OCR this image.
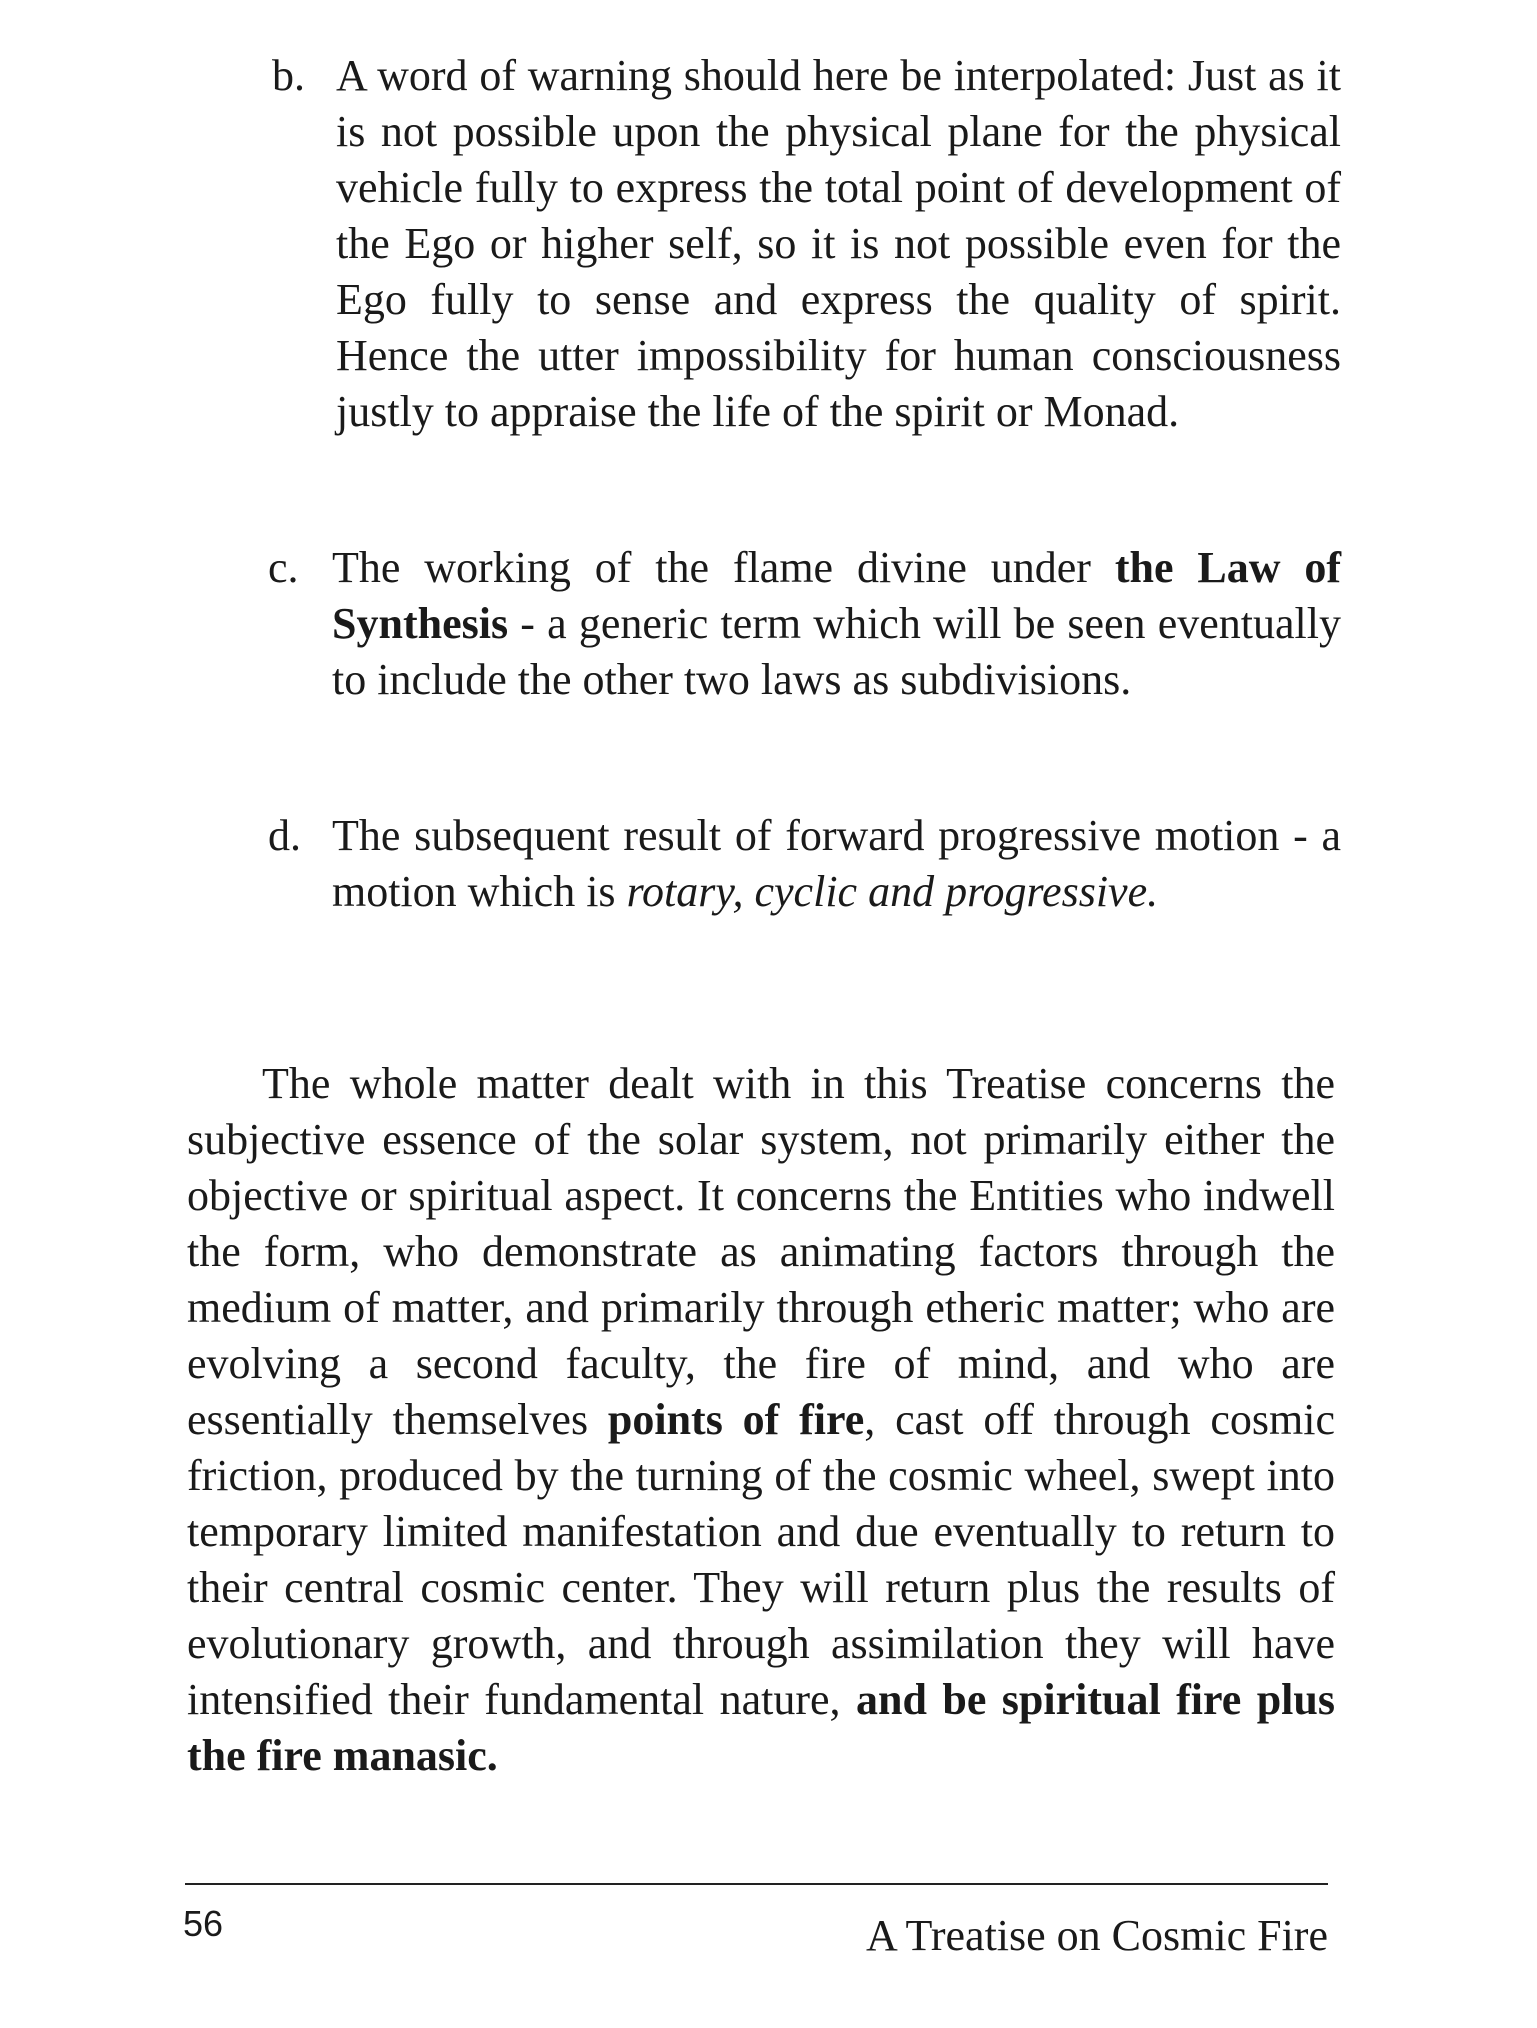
b. A word of warning should here be interpolated: Just as it is not possible upon the physical plane for the physical vehicle fully to express the total point of development of the Ego or higher self, so it is not possible even for the Ego fully to sense and express the quality of spirit. Hence the utter impossibility for human consciousness justly to appraise the life of the spirit or Monad.
c. The working of the flame divine under the Law of Synthesis - a generic term which will be seen eventually to include the other two laws as subdivisions.
d. The subsequent result of forward progressive motion - a motion which is rotary, cyclic and progressive.

The whole matter dealt with in this Treatise concerns the subjective essence of the solar system, not primarily either the objective or spiritual aspect. It concerns the Entities who indwell the form, who demonstrate as animating factors through the medium of matter, and primarily through etheric matter; who are evolving a second faculty, the fire of mind, and who are essentially themselves points of fire, cast off through cosmic friction, produced by the turning of the cosmic wheel, swept into temporary limited manifestation and due eventually to return to their central cosmic center. They will return plus the results of evolutionary growth, and through assimilation they will have intensified their fundamental nature, and be spiritual fire plus the fire manasic.

56	A Treatise on Cosmic Fire
